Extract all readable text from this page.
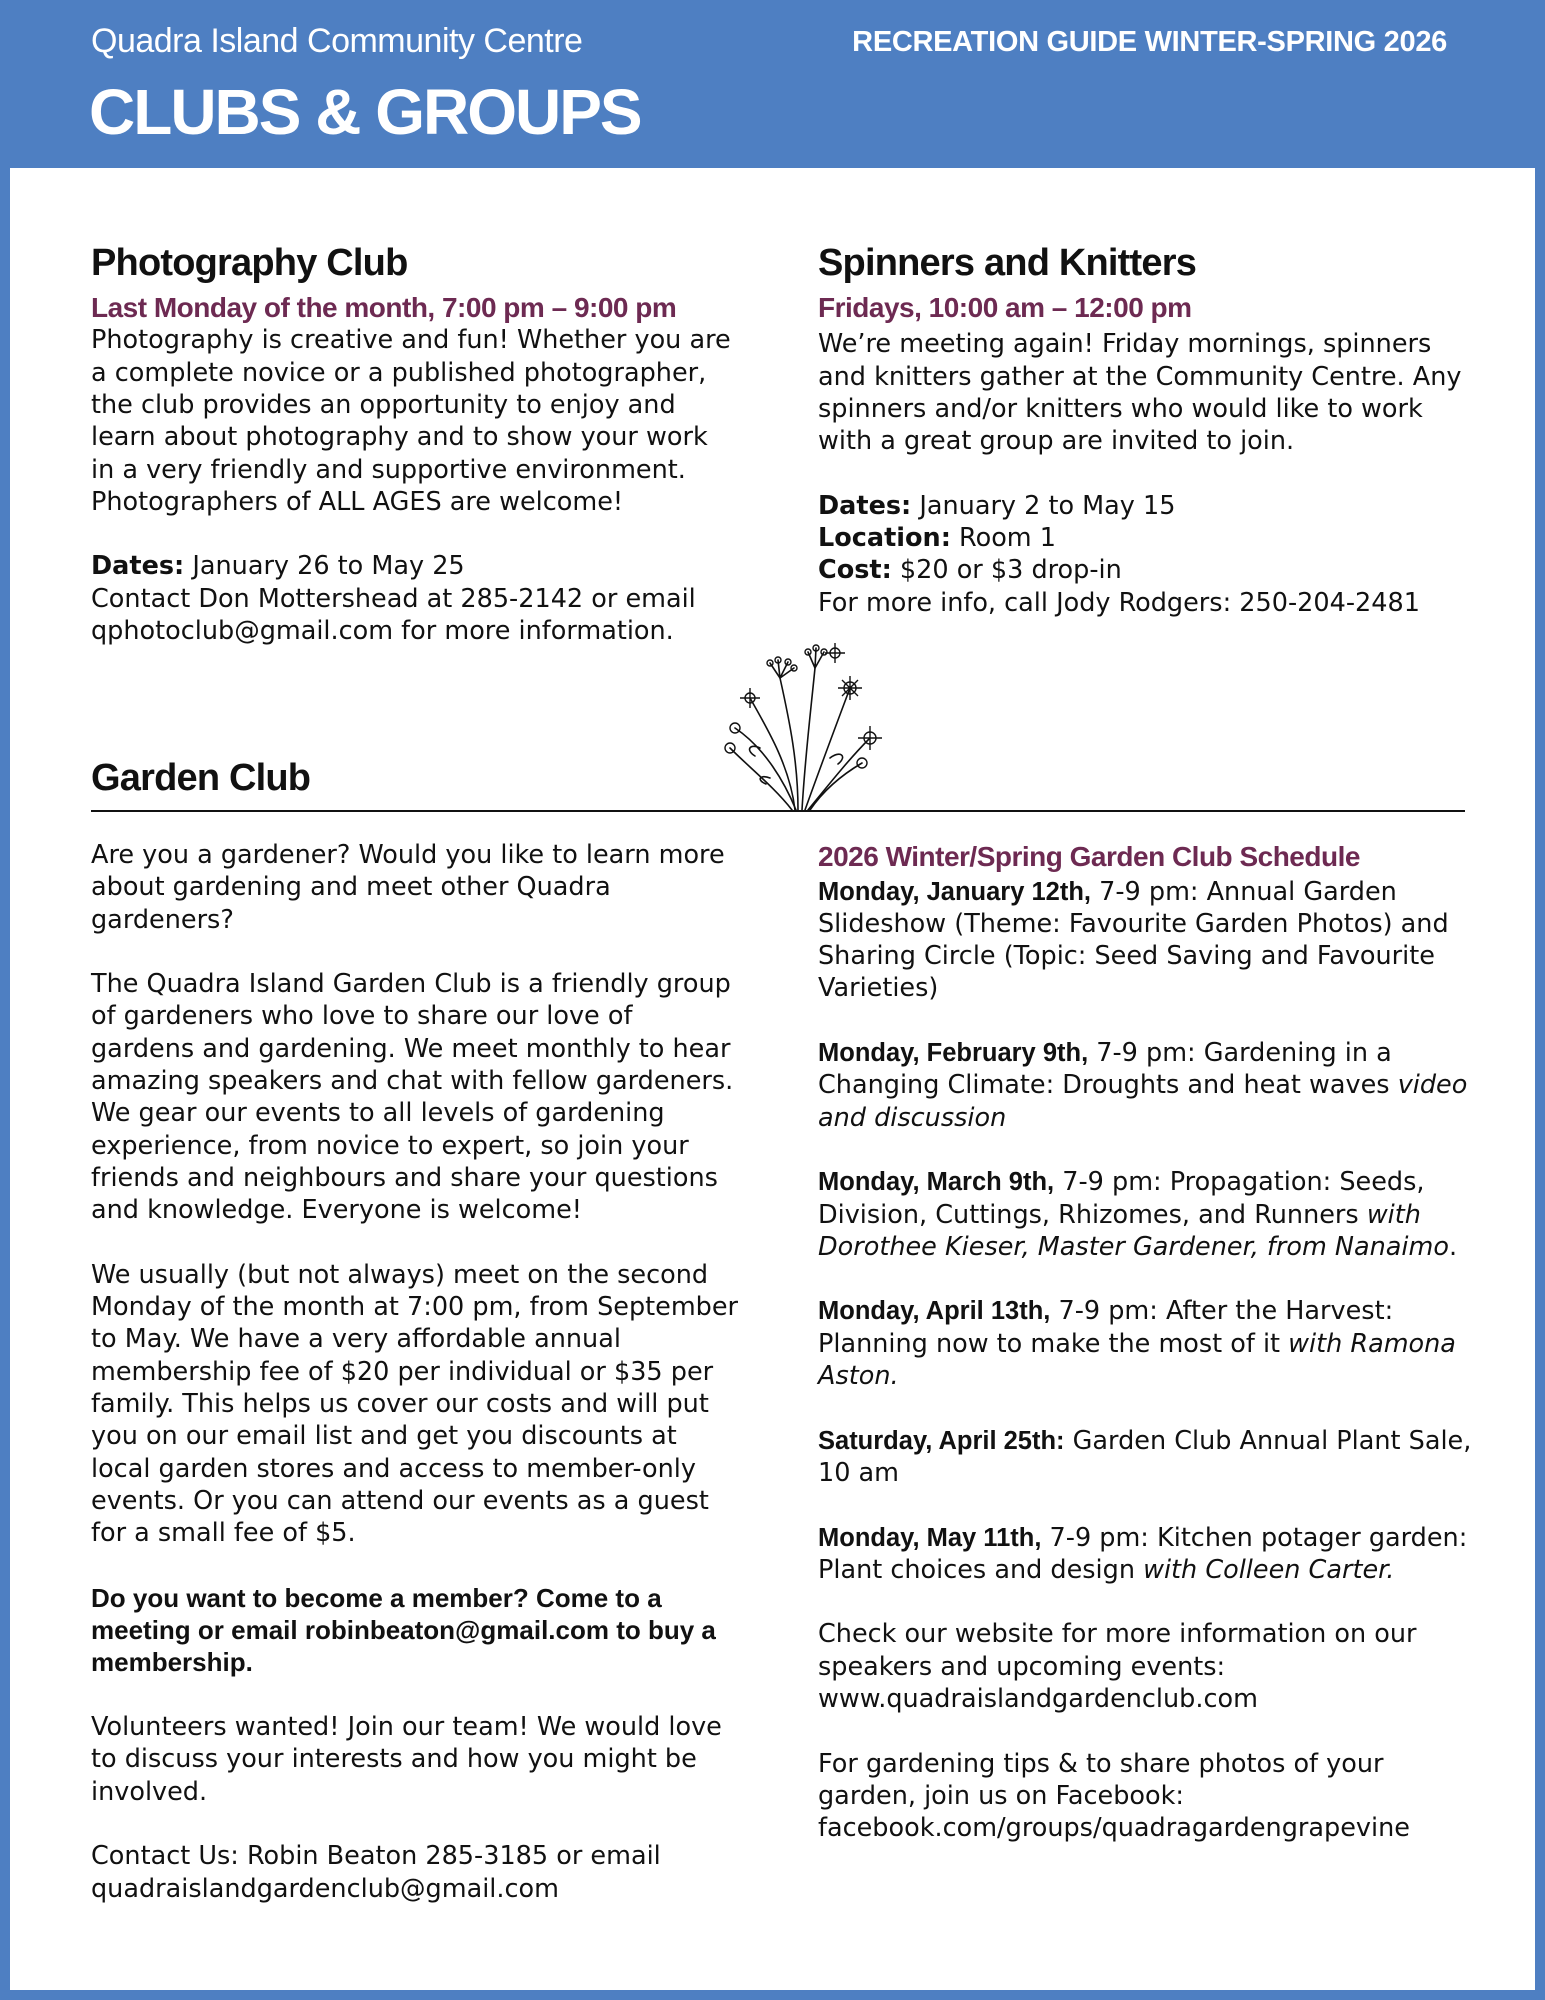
Quadra Island Community Centre	RECREATION GUIDE WINTER-SPRING 2026
CLUBS & GROUPS
Photography Club
Last Monday of the month, 7:00 pm – 9:00 pm

Photography is creative and fun! Whether you are a complete novice or a published photographer, the club provides an opportunity to enjoy and learn about photography and to show your work in a very friendly and supportive environment. Photographers of ALL AGES are welcome!

Dates: January 26 to May 25

Contact Don Mottershead at 285-2142 or email qphotoclub@gmail.com for more information.

Spinners and Knitters
Fridays, 10:00 am – 12:00 pm

We’re meeting again! Friday mornings, spinners and knitters gather at the Community Centre. Any spinners and/or knitters who would like to work with a great group are invited to join.

Dates: January 2 to May 15

Location: Room 1

Cost: $20 or $3 drop-in

For more info, call Jody Rodgers: 250-204-2481

Garden Club

Are you a gardener? Would you like to learn more about gardening and meet other Quadra gardeners?

The Quadra Island Garden Club is a friendly group of gardeners who love to share our love of gardens and gardening. We meet monthly to hear amazing speakers and chat with fellow gardeners. We gear our events to all levels of gardening experience, from novice to expert, so join your friends and neighbours and share your questions and knowledge. Everyone is welcome!

We usually (but not always) meet on the second Monday of the month at 7:00 pm, from September to May. We have a very affordable annual membership fee of $20 per individual or $35 per family. This helps us cover our costs and will put you on our email list and get you discounts at local garden stores and access to member-only events. Or you can attend our events as a guest for a small fee of $5.

Do you want to become a member? Come to a meeting or email robinbeaton@gmail.com to buy a membership.

Volunteers wanted! Join our team! We would love to discuss your interests and how you might be involved.

Contact Us: Robin Beaton 285-3185 or email quadraislandgardenclub@gmail.com

2026 Winter/Spring Garden Club Schedule

Monday, January 12th, 7-9 pm: Annual Garden Slideshow (Theme: Favourite Garden Photos) and Sharing Circle (Topic: Seed Saving and Favourite Varieties)

Monday, February 9th, 7-9 pm: Gardening in a Changing Climate: Droughts and heat waves video and discussion

Monday, March 9th, 7-9 pm: Propagation: Seeds, Division, Cuttings, Rhizomes, and Runners with Dorothee Kieser, Master Gardener, from Nanaimo.

Monday, April 13th, 7-9 pm: After the Harvest: Planning now to make the most of it with Ramona Aston.

Saturday, April 25th: Garden Club Annual Plant Sale, 10 am

Monday, May 11th, 7-9 pm: Kitchen potager garden: Plant choices and design with Colleen Carter.

Check our website for more information on our speakers and upcoming events: www.quadraislandgardenclub.com

For gardening tips & to share photos of your garden, join us on Facebook: facebook.com/groups/quadragardengrapevine
